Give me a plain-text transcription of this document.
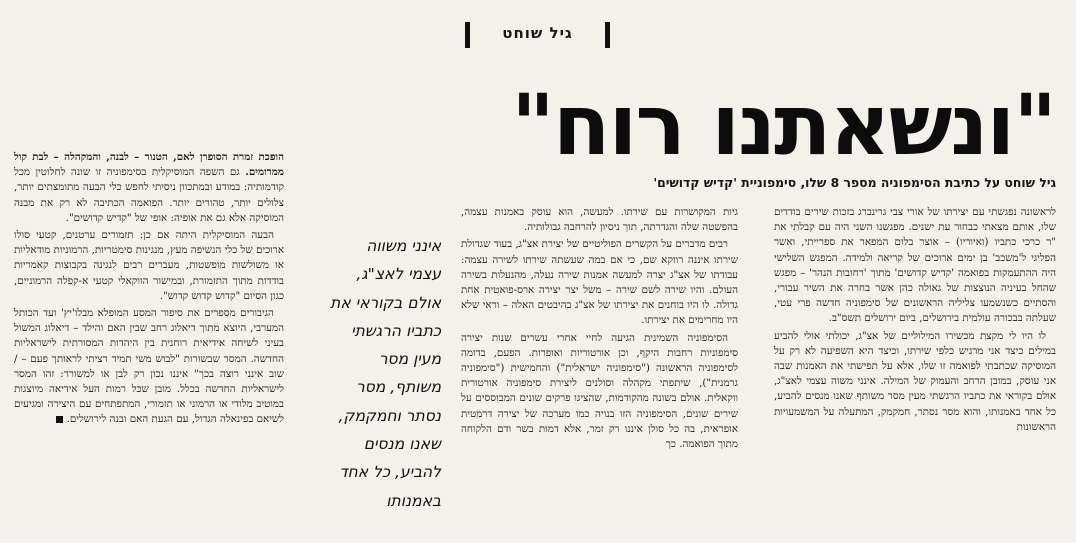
גיל שוחט
"ונשאתנו רוח"
גיל שוחט על כתיבת הסימפוניה מספר 8 שלו, סימפוניית 'קדיש קדושים'

לראשונה נפגשתי עם יצירתו של אורי צבי גרינברג בזכות שירים בודדים שלו, אותם מצאתי כבחור עת ישנים. מפגשנו השני היה עם קבלתי את "ר כרכי כתביו (ואיוריו) – אוצר בלום המפאר את ספרייתי, ואשר הפליגי ל'משכב' בן ימים ארוכים של קריאה ולמידה. המפגש השלישי היה ההתעמקות בפואמה 'קדיש קדושים' מתוך 'רחובות הנהר' – מפגש שהחל בעיניה הנוצצות של גאולה כהן אשר בחרה את השיר עבורי, והסתיים כשנשמעו צליליה הראשונים של סימפוניה חדשה פרי עטי, שעלתה בבכורה עולמית בירושלים, ביום ירושלים תשס"ב.

לו היו לי מקצת מכשירו המילוליים של אצ"ג, יכולתי אולי להביע במילים כיצד אני מרגיש כלפי שירתו, וכיצד היא השפיעה לא רק על המוסיקה שכתבתי לפואמה זו שלו, אלא על תפישתי את האמנות שבה אני עוסק, במובן הרחב והעמוק של המילה. אינני משוה עצמי לאצ"ג, אולם בקוראי את כתביו הרגשתי מעין מסר משותף שאנו מנסים להביע, כל אחד באמנותו, והוא מסר נסתר, חמקמק, המתעלה על המשמעויות הראשונות

גיות המקושרות עם שירתו. למעשה, הוא עוסק באמנות עצמה, בהפשטה שלה והגדרתה, תוך ניסיון להרחבה גבולותיה.

רבים מדברים על הקשרים הפוליטיים של יצירת אצ"ג, בעוד שגדולת שירתו איננה רווקא שם, כי אם במה שעשתה שירתו לשירה עצמה: עבודתו של אצ"ג יצרה למעשה אמנות שירה נעלה, מהנעלות בשירה העולם. והיו שירה לשם שירה – משל יצר יצירה ארס-פואטית אחת גדולה. לו היו בוחנים את יצירתו של אצ"ג בהיבטים האלה – וראי שלא היו מחרימים את יצירתו.

הסימפוניה השמינית הגיעה לחיי אחרי עשרים שנות יצירה סימפוניות רחבות היקף, וכן אורטוריות ואופרות. הפעם, בדומה לסימפוניה הראשונה ("סימפוניה ישראלית") והחמישית ("סימפוניה גרמנית"), שיתפתי מקהלה וסולנים ליצירת סימפוניה אורטורית ווקאלית. אולם בשונה מהקודמות, שהציגו פרקים שונים המבוססים על שירים שונים, הסימפוניה הזו בנויה כמו מערכה של יצירה דרמטית אופראית, בה כל סולן איננו רק זמר, אלא דמות בשר ודם הלקוחה מתוך הפואמה. כך

אינני משווה
עצמי לאצ"ג,
אולם בקוראי את
כתביו הרגשתי
מעין מסר
משותף, מסר
נסתר וחמקמק,
שאנו מנסים
להביע, כל אחד
באמנותו

הופכת זמרת הסופרן לאם, הטנור – לבנה, והמקהלה – לבת קול ממרומים. גם השפה המוסיקלית בסימפוניה זו שונה לחלוטין מכל קודמותיה: במודע ובמתכוון ניסיתי לחפש כלי הבעה מתומצתים יותר, צלולים יותר, טהורים יותר. הפואמה הכתיבה לא רק את מבנה המוסיקה אלא גם את אופיה: אופי של "קדיש קדושים".

הבעה המוסיקלית היתה אם כן: תזמורים ערטנים, קטעי סולו ארוכים של כלי הנשיפה מעץ, מנגינות סימטריות, הרמוניות מודאליות או משולשות מופשטות, מעברים רבים לנגינה בקבוצות קאמריות בודדות מתוך התזמורת, ובמישור הווקאלי קטעי א-קפלה הרמוניים, כגון הסיום "קדוש קדוש קדוש".

הגיבורים מספרים את סיפור המסע המופלא מבלו'יץ' ועד הכותל המערבי, היוצא מתוך דיאלוג רחב שבין האם והילד – דיאלוג המשול בעיני לשיחה אידיאית רוחנית בין היהדות המסורתית לישראליות החדשה. המסר שבשורות "לבוש משי תמיד רציתי לראותך פעם – / שוב אינני רוצה בכך" איננו נכון רק לבן או למשורר: זהו המסר לישראליות החדשה בכלל. מובן שכל רמות העל אידיאה מיוצגות במוטיב מלודי או הרמוני או תזמורי, המתפתחים עם היצירה ומגיעים לשיאם בפינאלה הגדול, עם הגעת האם ובנה לירושלים.
